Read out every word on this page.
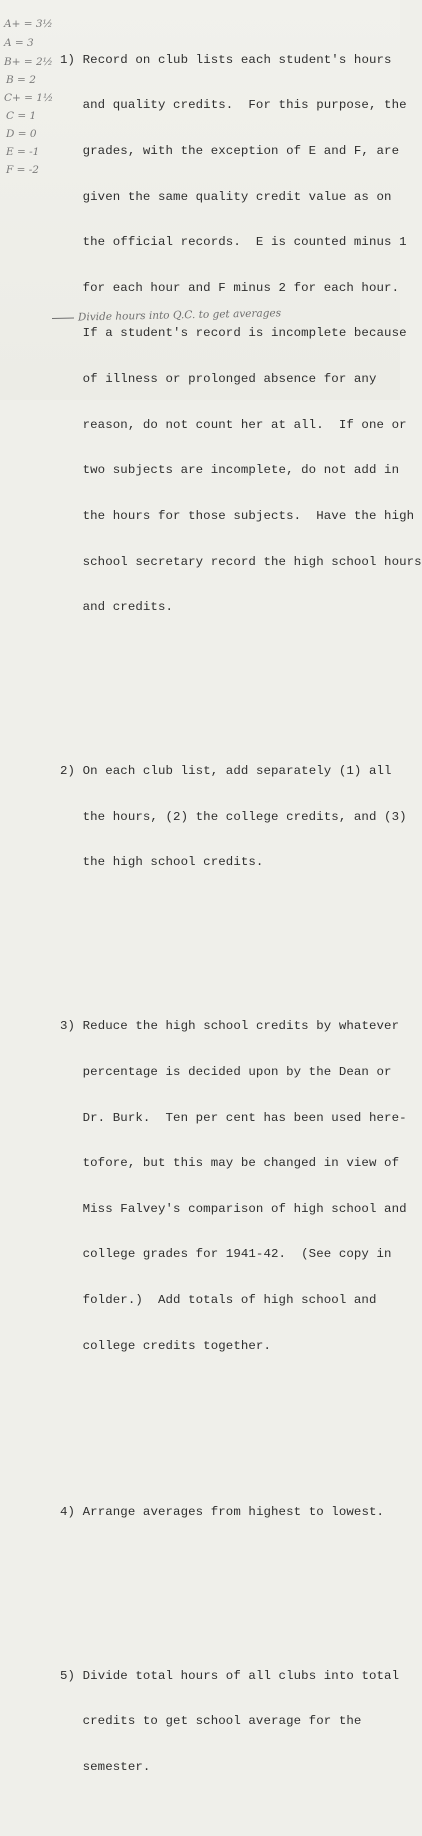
A+ = 3½
A = 3
B+ = 2½
B = 2
C+ = 1½
C = 1
D = 0
E = -1
F = -2

1) Record on club lists each student's hours

and quality credits.  For this purpose, the

grades, with the exception of E and F, are

given the same quality credit value as on

the official records.  E is counted minus 1

for each hour and F minus 2 for each hour.

If a student's record is incomplete because

of illness or prolonged absence for any

reason, do not count her at all.  If one or

two subjects are incomplete, do not add in

the hours for those subjects.  Have the high

school secretary record the high school hours

and credits.

2) On each club list, add separately (1) all

the hours, (2) the college credits, and (3)

the high school credits.

3) Reduce the high school credits by whatever

percentage is decided upon by the Dean or

Dr. Burk.  Ten per cent has been used here-

tofore, but this may be changed in view of

Miss Falvey's comparison of high school and

college grades for 1941-42.  (See copy in

folder.)  Add totals of high school and

college credits together.

4) Arrange averages from highest to lowest.

5) Divide total hours of all clubs into total

credits to get school average for the

semester.

Divide hours into Q.C. to get averages
